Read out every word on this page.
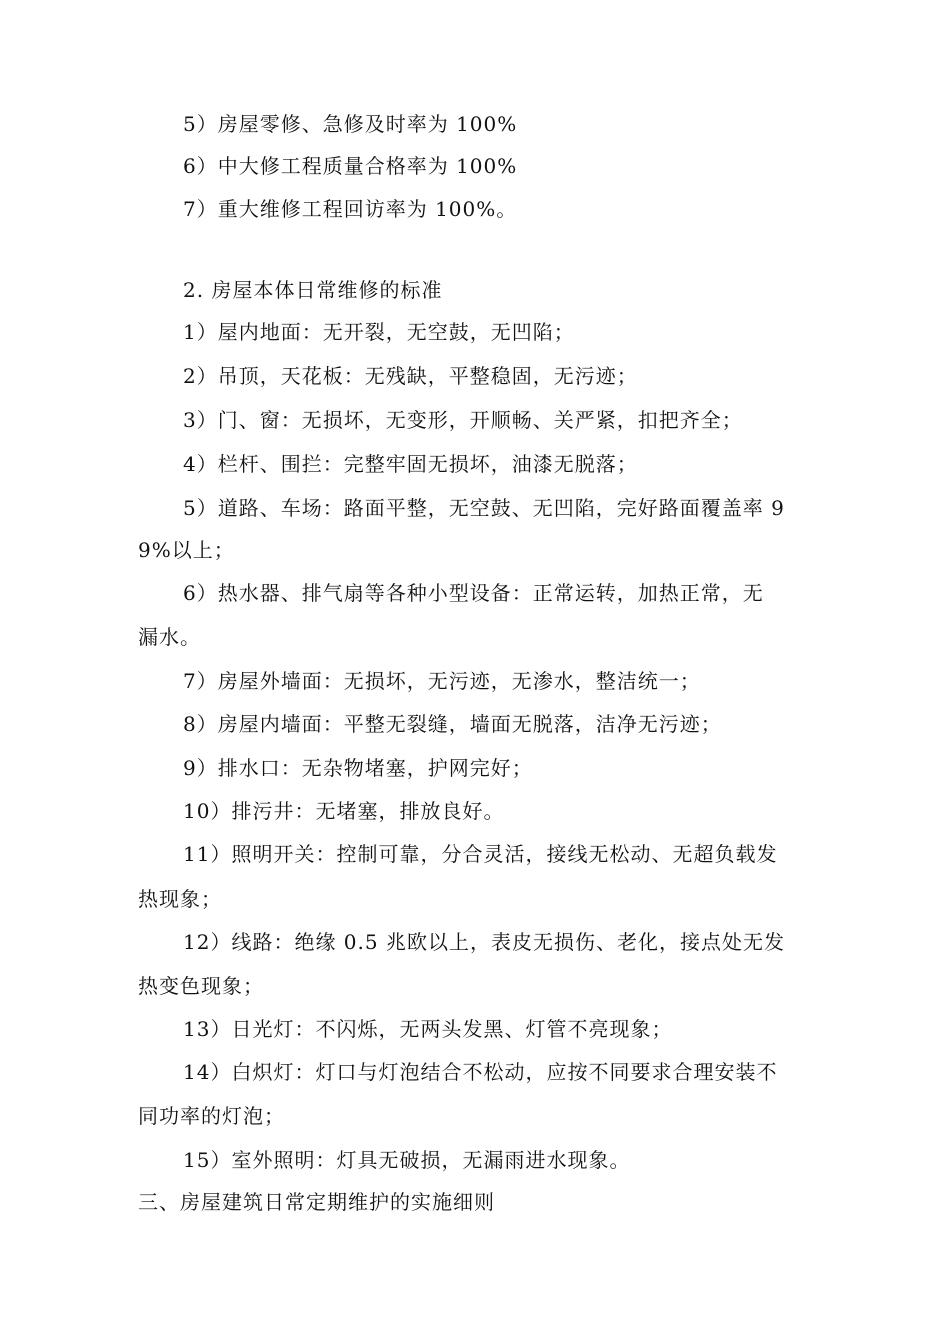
5）房屋零修、急修及时率为 100%
6）中大修工程质量合格率为 100%
7）重大维修工程回访率为 100%。
2. 房屋本体日常维修的标准
1）屋内地面：无开裂，无空鼓，无凹陷；
2）吊顶，天花板：无残缺，平整稳固，无污迹；
3）门、窗：无损坏，无变形，开顺畅、关严紧，扣把齐全；
4）栏杆、围拦：完整牢固无损坏，油漆无脱落；
5）道路、车场：路面平整，无空鼓、无凹陷，完好路面覆盖率 9
9%以上；
6）热水器、排气扇等各种小型设备：正常运转，加热正常，无
漏水。
7）房屋外墙面：无损坏，无污迹，无渗水，整洁统一；
8）房屋内墙面：平整无裂缝，墙面无脱落，洁净无污迹；
9）排水口：无杂物堵塞，护网完好；
10）排污井：无堵塞，排放良好。
11）照明开关：控制可靠，分合灵活，接线无松动、无超负载发
热现象；
12）线路：绝缘 0.5 兆欧以上，表皮无损伤、老化，接点处无发
热变色现象；
13）日光灯：不闪烁，无两头发黑、灯管不亮现象；
14）白炽灯：灯口与灯泡结合不松动，应按不同要求合理安装不
同功率的灯泡；
15）室外照明：灯具无破损，无漏雨进水现象。
三、房屋建筑日常定期维护的实施细则
